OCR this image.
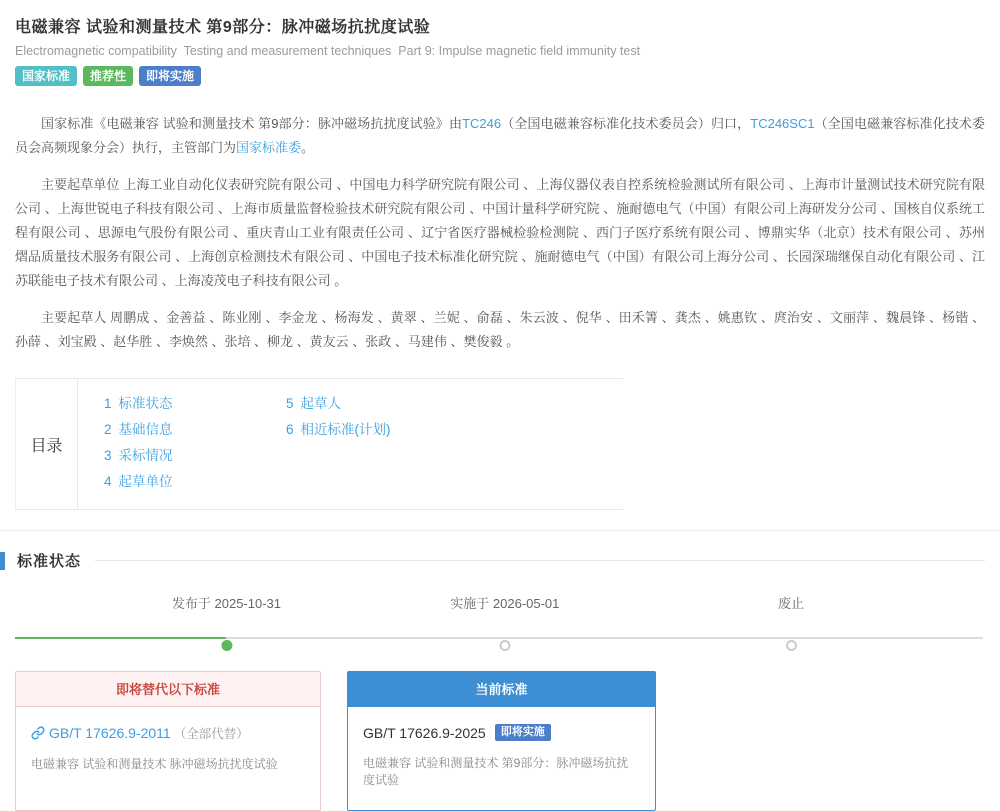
电磁兼容 试验和测量技术 第9部分：脉冲磁场抗扰度试验
Electromagnetic compatibility  Testing and measurement techniques  Part 9: Impulse magnetic field immunity test
国家标准	推荐性	即将实施

国家标准《电磁兼容 试验和测量技术 第9部分：脉冲磁场抗扰度试验》由TC246（全国电磁兼容标准化技术委员会）归口，TC246SC1（全国电磁兼容标准化技术委员会高频现象分会）执行，主管部门为国家标准委。

主要起草单位 上海工业自动化仪表研究院有限公司 、中国电力科学研究院有限公司 、上海仪器仪表自控系统检验测试所有限公司 、上海市计量测试技术研究院有限公司 、上海世锐电子科技有限公司 、上海市质量监督检验技术研究院有限公司 、中国计量科学研究院 、施耐德电气（中国）有限公司上海研发分公司 、国核自仪系统工程有限公司 、思源电气股份有限公司 、重庆青山工业有限责任公司 、辽宁省医疗器械检验检测院 、西门子医疗系统有限公司 、博鼎实华（北京）技术有限公司 、苏州熠品质量技术服务有限公司 、上海创京检测技术有限公司 、中国电子技术标准化研究院 、施耐德电气（中国）有限公司上海分公司 、长园深瑞继保自动化有限公司 、江苏联能电子技术有限公司 、上海凌茂电子科技有限公司 。

主要起草人 周鹏成 、金善益 、陈业刚 、李金龙 、杨海发 、黄翠 、兰妮 、俞磊 、朱云波 、倪华 、田禾箐 、龚杰 、姚惠钦 、庹治安 、文丽萍 、魏晨锋 、杨锴 、孙薛 、刘宝殿 、赵华胜 、李焕然 、张培 、柳龙 、黄友云 、张政 、马建伟 、樊俊毅 。

目录
1 标准状态
2 基础信息
3 采标情况
4 起草单位
5 起草人
6 相近标准(计划)
标准状态
发布于 2025-10-31	实施于 2026-05-01	废止
即将替代以下标准
GB/T 17626.9-2011 （全部代替）
电磁兼容 试验和测量技术 脉冲磁场抗扰度试验
当前标准
GB/T 17626.9-2025	即将实施
电磁兼容 试验和测量技术 第9部分：脉冲磁场抗扰度试验
